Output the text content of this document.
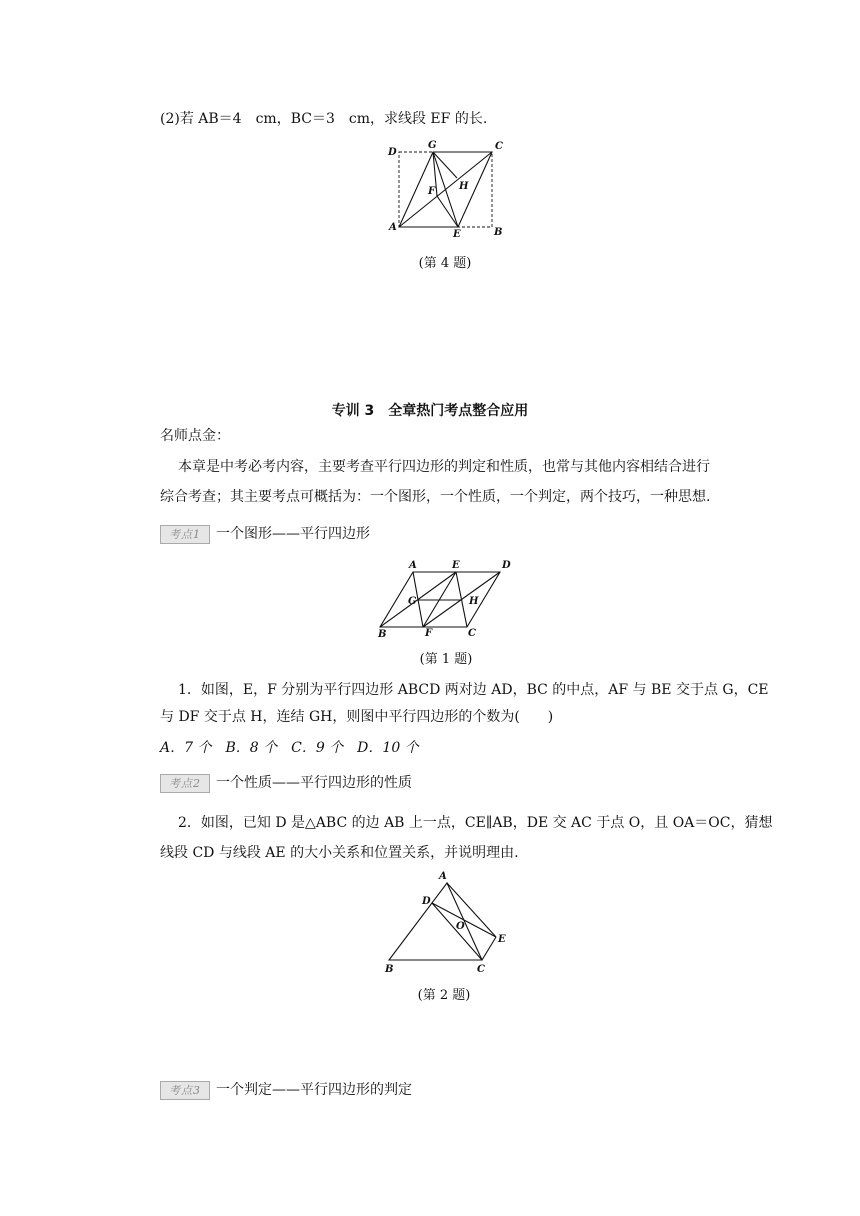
(2)若 AB＝4　cm，BC＝3　cm，求线段 EF 的长.
D
G	C
F H
A
E	B
(第 4 题)
专训 3　全章热门考点整合应用
名师点金：
本章是中考必考内容，主要考查平行四边形的判定和性质，也常与其他内容相结合进行
综合考查；其主要考点可概括为：一个图形，一个性质，一个判定，两个技巧，一种思想.
考点1 一个图形——平行四边形
A	E	D
G	H
B	F	C
(第 1 题)
1．如图，E，F 分别为平行四边形 ABCD 两对边 AD，BC 的中点，AF 与 BE 交于点 G，CE
与 DF 交于点 H，连结 GH，则图中平行四边形的个数为(　　)
A．7 个　B．8 个　C．9 个　D．10 个
考点2 一个性质——平行四边形的性质
2．如图，已知 D 是△ABC 的边 AB 上一点，CE∥AB，DE 交 AC 于点 O，且 OA＝OC，猜想
线段 CD 与线段 AE 的大小关系和位置关系，并说明理由.
A
D
O
E
B	C
(第 2 题)
考点3 一个判定——平行四边形的判定
